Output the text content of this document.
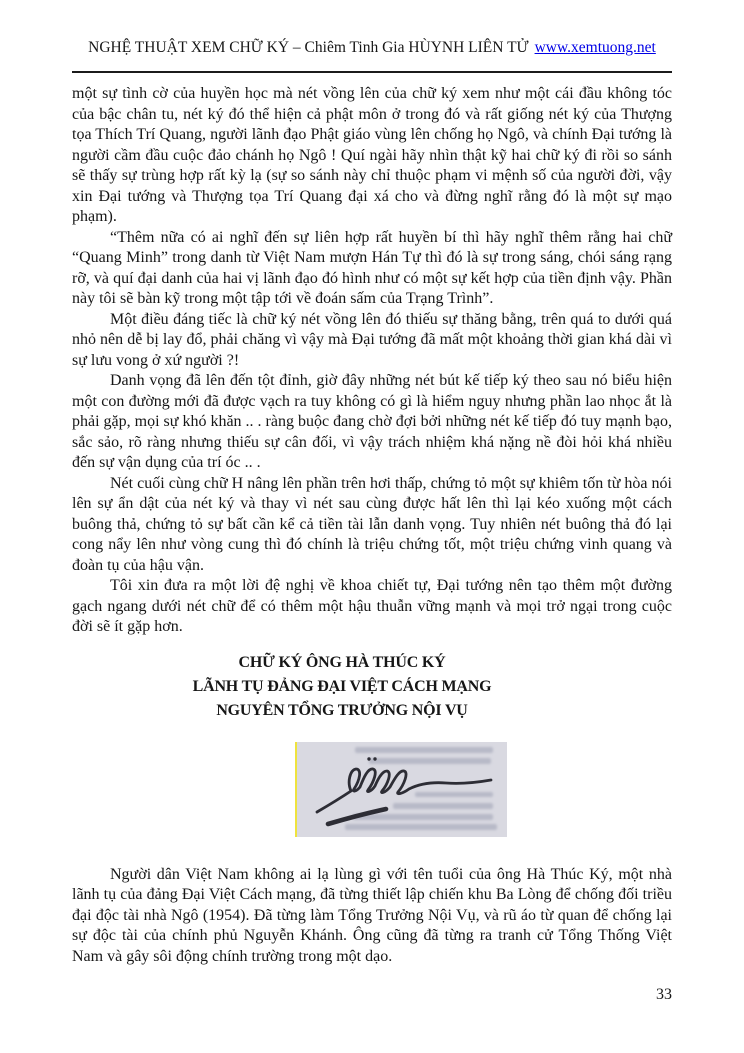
NGHỆ THUẬT XEM CHỮ KÝ – Chiêm Tinh Gia HÙYNH LIÊN TỬ www.xemtuong.net

một sự tình cờ của huyền học mà nét vồng lên của chữ ký xem như một cái đầu không tóc của bậc chân tu, nét ký đó thể hiện cả phật môn ở trong đó và rất giống nét ký của Thượng tọa Thích Trí Quang, người lãnh đạo Phật giáo vùng lên chống họ Ngô, và chính Đại tướng là người cầm đầu cuộc đảo chánh họ Ngô ! Quí ngài hãy nhìn thật kỹ hai chữ ký đi rồi so sánh sẽ thấy sự trùng hợp rất kỳ lạ (sự so sánh này chỉ thuộc phạm vi mệnh số của người đời, vậy xin Đại tướng và Thượng tọa Trí Quang đại xá cho và đừng nghĩ rằng đó là một sự mạo phạm).

“Thêm nữa có ai nghĩ đến sự liên hợp rất huyền bí thì hãy nghĩ thêm rằng hai chữ “Quang Minh” trong danh từ Việt Nam mượn Hán Tự thì đó là sự trong sáng, chói sáng rạng rỡ, và quí đại danh của hai vị lãnh đạo đó hình như có một sự kết hợp của tiền định vậy. Phần này tôi sẽ bàn kỹ trong một tập tới về đoán sấm của Trạng Trình”.

Một điều đáng tiếc là chữ ký nét vồng lên đó thiếu sự thăng bằng, trên quá to dưới quá nhỏ nên dễ bị lay đổ, phải chăng vì vậy mà Đại tướng đã mất một khoảng thời gian khá dài vì sự lưu vong ở xứ người ?!

Danh vọng đã lên đến tột đỉnh, giờ đây những nét bút kế tiếp ký theo sau nó biểu hiện một con đường mới đã được vạch ra tuy không có gì là hiểm nguy nhưng phần lao nhọc ắt là phải gặp, mọi sự khó khăn .. . ràng buộc đang chờ đợi bởi những nét kế tiếp đó tuy mạnh bạo, sắc sảo, rõ ràng nhưng thiếu sự cân đối, vì vậy trách nhiệm khá nặng nề đòi hỏi khá nhiều đến sự vận dụng của trí óc .. .

Nét cuối cùng chữ H nâng lên phần trên hơi thấp, chứng tỏ một sự khiêm tốn từ hòa nói lên sự ẩn dật của nét ký và thay vì nét sau cùng được hất lên thì lại kéo xuống một cách buông thả, chứng tỏ sự bất cần kể cả tiền tài lẫn danh vọng. Tuy nhiên nét buông thả đó lại cong nẩy lên như vòng cung thì đó chính là triệu chứng tốt, một triệu chứng vinh quang và đoàn tụ của hậu vận.

Tôi xin đưa ra một lời đệ nghị về khoa chiết tự, Đại tướng nên tạo thêm một đường gạch ngang dưới nét chữ để có thêm một hậu thuẫn vững mạnh và mọi trở ngại trong cuộc đời sẽ ít gặp hơn.

CHỮ KÝ ÔNG HÀ THÚC KÝ
LÃNH TỤ ĐẢNG ĐẠI VIỆT CÁCH MẠNG
NGUYÊN TỔNG TRƯỞNG NỘI VỤ

Người dân Việt Nam không ai lạ lùng gì với tên tuổi của ông Hà Thúc Ký, một nhà lãnh tụ của đảng Đại Việt Cách mạng, đã từng thiết lập chiến khu Ba Lòng để chống đối triều đại độc tài nhà Ngô (1954). Đã từng làm Tổng Trưởng Nội Vụ, và rũ áo từ quan để chống lại sự độc tài của chính phủ Nguyễn Khánh. Ông cũng đã từng ra tranh cử Tổng Thống Việt Nam và gây sôi động chính trường trong một dạo.

33
